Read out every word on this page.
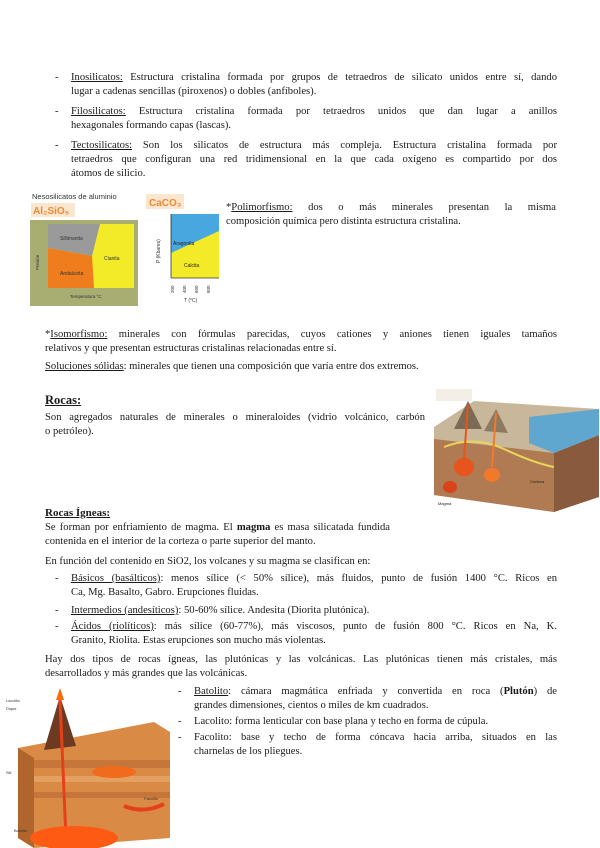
-	Inosilicatos: Estructura cristalina formada por grupos de tetraedros de silicato unidos entre sí, dando
lugar a cadenas sencillas (piroxenos) o dobles (anfíboles).
-	Filosilicatos: Estructura cristalina formada por tetraedros unidos que dan lugar a anillos
hexagonales formando capas (lascas).
-	Tectosilicatos: Son los silicatos de estructura más compleja. Estructura cristalina formada por
tetraedros que configuran una red tridimensional en la que cada oxígeno es compartido por dos
átomos de silicio.
Nesosilicatos de aluminio
Al₂SiO₅
Sillimanita
Cianita
Andalucita
Presión
Temperatura °C
CaCO₃
Aragonita
Calcita
P (Kbares)
200 400 600 800
T (°C)
*Polimorfismo: dos o más minerales presentan la misma
composición química pero distinta estructura cristalina.
*Isomorfismo: minerales con fórmulas parecidas, cuyos cationes y aniones tienen iguales tamaños
relativos y que presentan estructuras cristalinas relacionadas entre sí.
Soluciones sólidas: minerales que tienen una composición que varía entre dos extremos.
Rocas:
Son agregados naturales de minerales o mineraloides (vidrio volcánico, carbón
o petróleo).
Magma
Corteza
Rocas Ígneas:
Se forman por enfriamiento de magma. El magma es masa silicatada fundida
contenida en el interior de la corteza o parte superior del manto.
En función del contenido en SiO2, los volcanes y su magma se clasifican en:
-	Básicos (basálticos): menos sílice (< 50% sílice), más fluidos, punto de fusión 1400 °C. Ricos en
Ca, Mg. Basalto, Gabro. Erupciones fluidas.
- Intermedios (andesíticos): 50-60% sílice. Andesita (Diorita plutónica).
-	Ácidos (riolíticos): más sílice (60-77%), más viscosos, punto de fusión 800 °C. Ricos en Na, K.
Granito, Riolita. Estas erupciones son mucho más violentas.
Hay dos tipos de rocas ígneas, las plutónicas y las volcánicas. Las plutónicas tienen más cristales, más
desarrollados y más grandes que las volcánicas.
-	Batolito: cámara magmática enfriada y convertida en roca (Plutón) de
grandes dimensiones, cientos o miles de km cuadrados.
- Lacolito: forma lenticular con base plana y techo en forma de cúpula.
-	Facolito: base y techo de forma cóncava hacia arriba, situados en las
charnelas de los pliegues.
Lacolito
Dique
Sill
Batolito
Facolito
